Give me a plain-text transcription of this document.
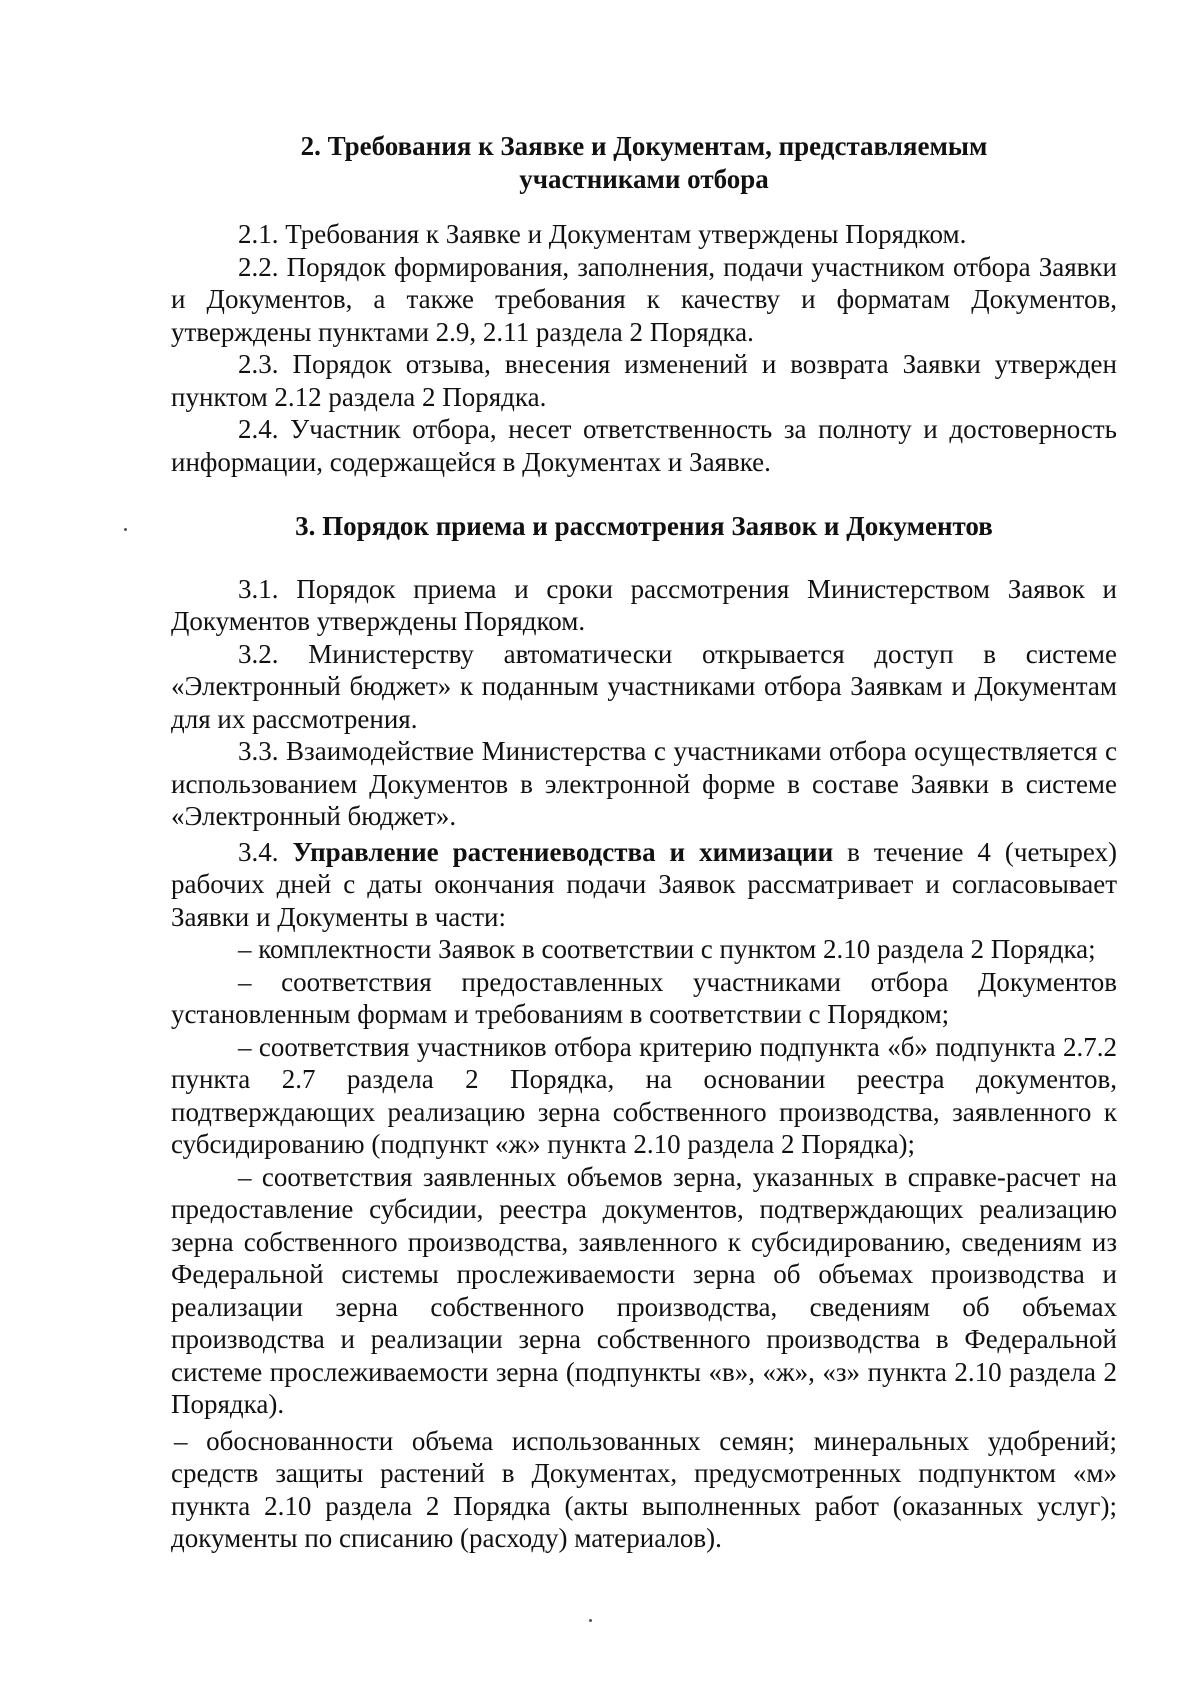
2. Требования к Заявке и Документам, представляемым
участниками отбора

2.1. Требования к Заявке и Документам утверждены Порядком.

2.2. Порядок формирования, заполнения, подачи участником отбора Заявки и Документов, а также требования к качеству и форматам Документов, утверждены пунктами 2.9, 2.11 раздела 2 Порядка.

2.3. Порядок отзыва, внесения изменений и возврата Заявки утвержден пунктом 2.12 раздела 2 Порядка.

2.4. Участник отбора, несет ответственность за полноту и достоверность информации, содержащейся в Документах и Заявке.

3. Порядок приема и рассмотрения Заявок и Документов

3.1. Порядок приема и сроки рассмотрения Министерством Заявок и Документов утверждены Порядком.

3.2. Министерству автоматически открывается доступ в системе «Электронный бюджет» к поданным участниками отбора Заявкам и Документам для их рассмотрения.

3.3. Взаимодействие Министерства с участниками отбора осуществляется с использованием Документов в электронной форме в составе Заявки в системе «Электронный бюджет».

3.4. Управление растениеводства и химизации в течение 4 (четырех) рабочих дней с даты окончания подачи Заявок рассматривает и согласовывает Заявки и Документы в части:

– комплектности Заявок в соответствии с пунктом 2.10 раздела 2 Порядка;

– соответствия предоставленных участниками отбора Документов установленным формам и требованиям в соответствии с Порядком;

– соответствия участников отбора критерию подпункта «б» подпункта 2.7.2 пункта 2.7 раздела 2 Порядка, на основании реестра документов, подтверждающих реализацию зерна собственного производства, заявленного к субсидированию (подпункт «ж» пункта 2.10 раздела 2 Порядка);

– соответствия заявленных объемов зерна, указанных в справке-расчет на предоставление субсидии, реестра документов, подтверждающих реализацию зерна собственного производства, заявленного к субсидированию, сведениям из Федеральной системы прослеживаемости зерна об объемах производства и реализации зерна собственного производства, сведениям об объемах производства и реализации зерна собственного производства в Федеральной системе прослеживаемости зерна (подпункты «в», «ж», «з» пункта 2.10 раздела 2 Порядка).

– обоснованности объема использованных семян; минеральных удобрений; средств защиты растений в Документах, предусмотренных подпунктом «м» пункта 2.10 раздела 2 Порядка (акты выполненных работ (оказанных услуг); документы по списанию (расходу) материалов).
